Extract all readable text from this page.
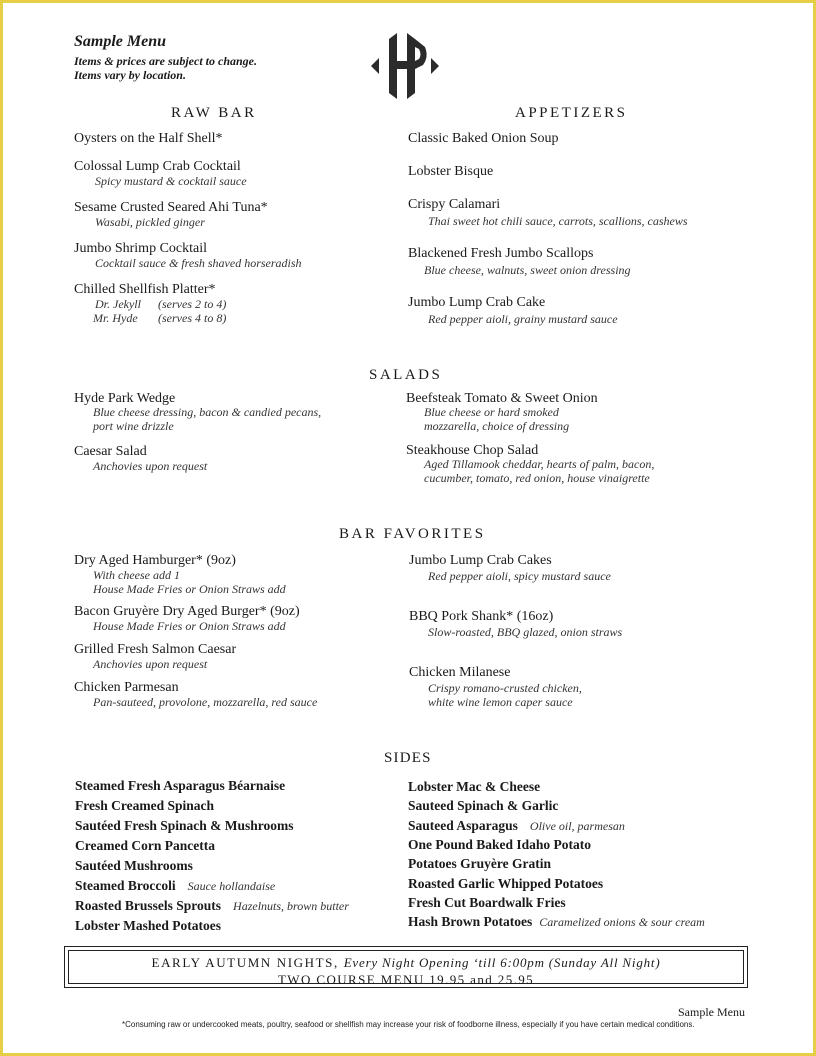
Sample Menu
Items & prices are subject to change.
Items vary by location.
RAW BAR
Oysters on the Half Shell*
Colossal Lump Crab Cocktail
Spicy mustard & cocktail sauce
Sesame Crusted Seared Ahi Tuna*
Wasabi, pickled ginger
Jumbo Shrimp Cocktail
Cocktail sauce & fresh shaved horseradish
Chilled Shellfish Platter*
Dr. Jekyll (serves 2 to 4)
Mr. Hyde (serves 4 to 8)
APPETIZERS
Classic Baked Onion Soup
Lobster Bisque
Crispy Calamari
Thai sweet hot chili sauce, carrots, scallions, cashews
Blackened Fresh Jumbo Scallops
Blue cheese, walnuts, sweet onion dressing
Jumbo Lump Crab Cake
Red pepper aioli, grainy mustard sauce
SALADS
Hyde Park Wedge
Blue cheese dressing, bacon & candied pecans,
port wine drizzle
Caesar Salad
Anchovies upon request
Beefsteak Tomato & Sweet Onion
Blue cheese or hard smoked
mozzarella, choice of dressing
Steakhouse Chop Salad
Aged Tillamook cheddar, hearts of palm, bacon,
cucumber, tomato, red onion, house vinaigrette
BAR FAVORITES
Dry Aged Hamburger* (9oz)
With cheese add 1
House Made Fries or Onion Straws add
Bacon Gruyère Dry Aged Burger* (9oz)
House Made Fries or Onion Straws add
Grilled Fresh Salmon Caesar
Anchovies upon request
Chicken Parmesan
Pan-sauteed, provolone, mozzarella, red sauce
Jumbo Lump Crab Cakes
Red pepper aioli, spicy mustard sauce
BBQ Pork Shank* (16oz)
Slow-roasted, BBQ glazed, onion straws
Chicken Milanese
Crispy romano-crusted chicken,
white wine lemon caper sauce
SIDES
Steamed Fresh Asparagus Béarnaise
Fresh Creamed Spinach
Sautéed Fresh Spinach & Mushrooms
Creamed Corn Pancetta
Sautéed Mushrooms
Steamed Broccoli Sauce hollandaise
Roasted Brussels Sprouts Hazelnuts, brown butter
Lobster Mashed Potatoes
Lobster Mac & Cheese
Sauteed Spinach & Garlic
Sauteed Asparagus Olive oil, parmesan
One Pound Baked Idaho Potato
Potatoes Gruyère Gratin
Roasted Garlic Whipped Potatoes
Fresh Cut Boardwalk Fries
Hash Brown Potatoes Caramelized onions & sour cream
EARLY AUTUMN NIGHTS, Every Night Opening ‘till 6:00pm (Sunday All Night)
TWO COURSE MENU 19.95 and 25.95
Sample Menu
*Consuming raw or undercooked meats, poultry, seafood or shellfish may increase your risk of foodborne illness, especially if you have certain medical conditions.
